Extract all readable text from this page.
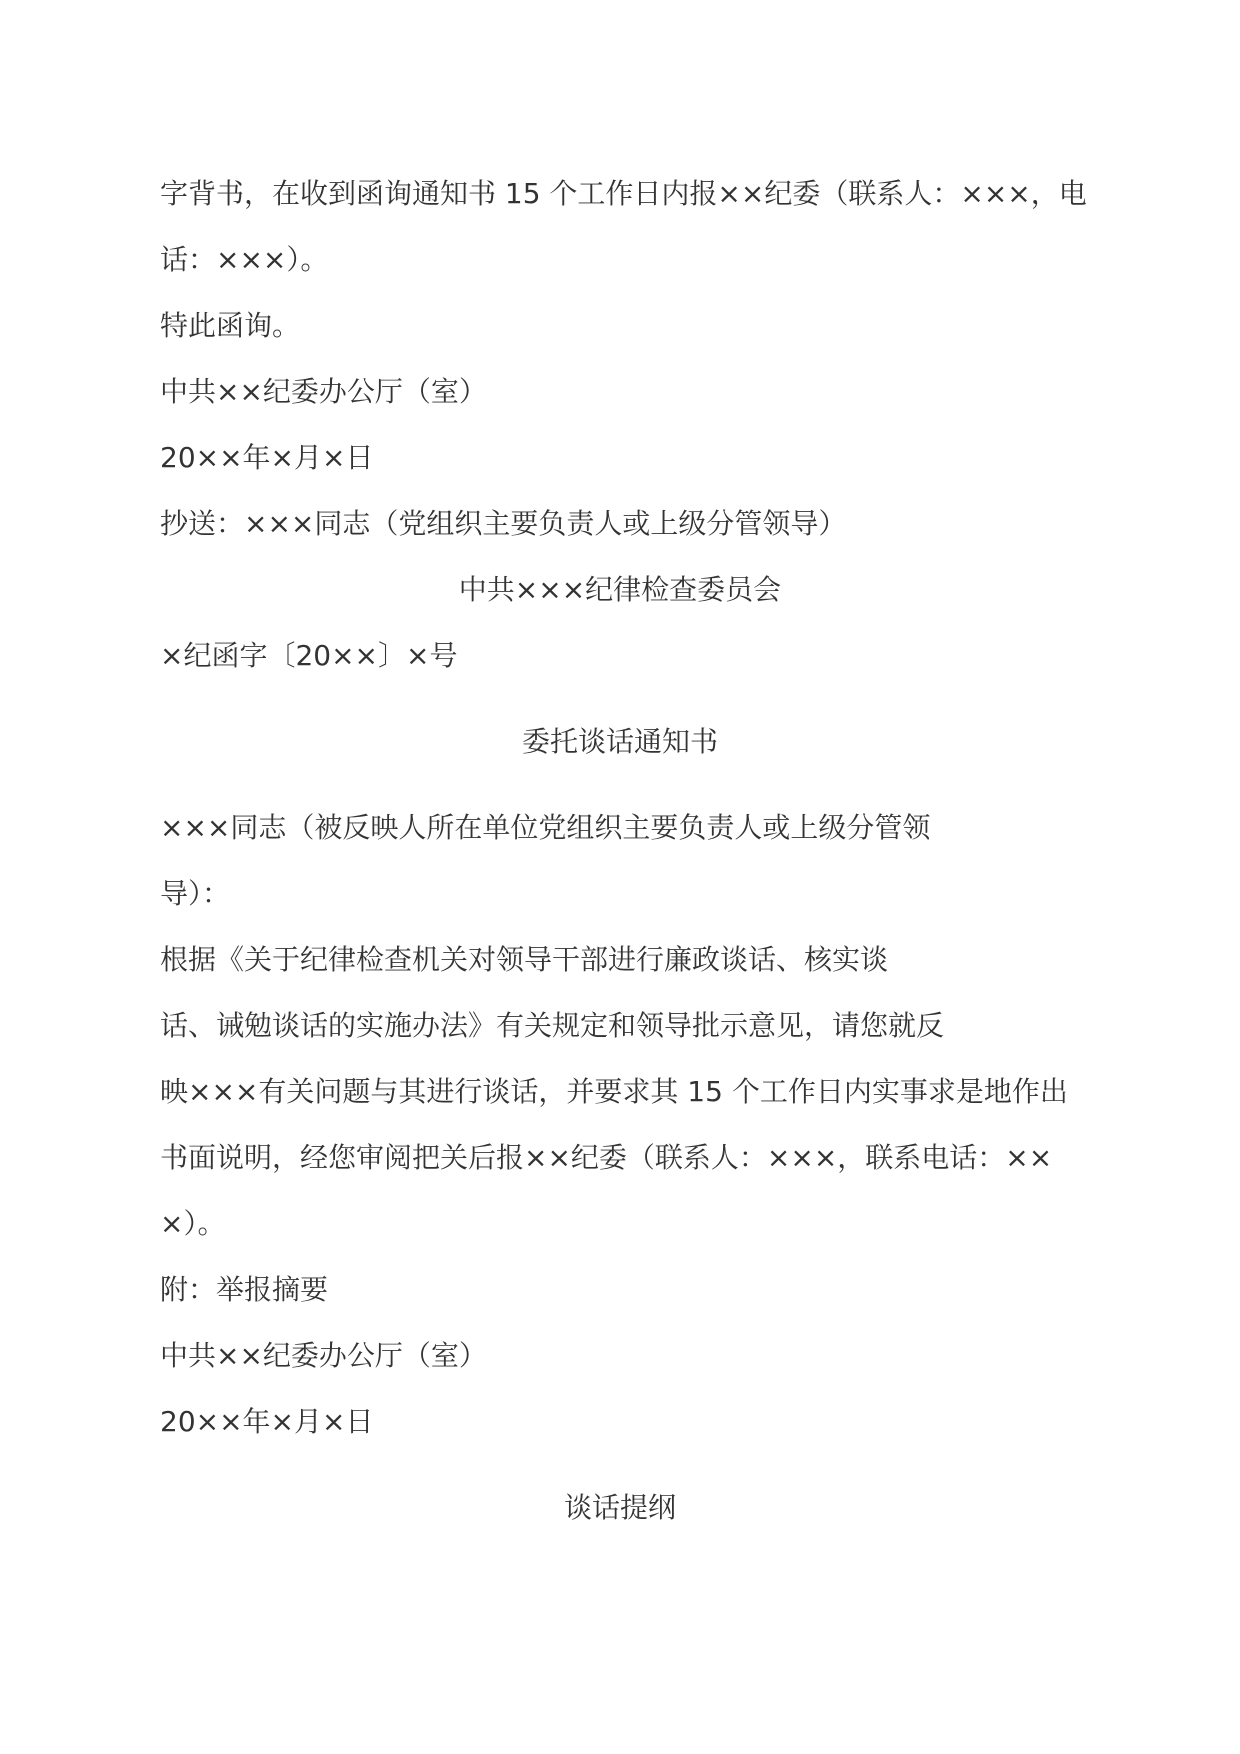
字背书，在收到函询通知书 15 个工作日内报××纪委（联系人：×××，电
话：×××）。
特此函询。
中共××纪委办公厅（室）
20××年×月×日
抄送：×××同志（党组织主要负责人或上级分管领导）
中共×××纪律检查委员会
×纪函字〔20××〕×号
委托谈话通知书
×××同志（被反映人所在单位党组织主要负责人或上级分管领
导）：
根据《关于纪律检查机关对领导干部进行廉政谈话、核实谈
话、诫勉谈话的实施办法》有关规定和领导批示意见，请您就反
映×××有关问题与其进行谈话，并要求其 15 个工作日内实事求是地作出
书面说明，经您审阅把关后报××纪委（联系人：×××，联系电话：××
×）。
附：举报摘要
中共××纪委办公厅（室）
20××年×月×日
谈话提纲
